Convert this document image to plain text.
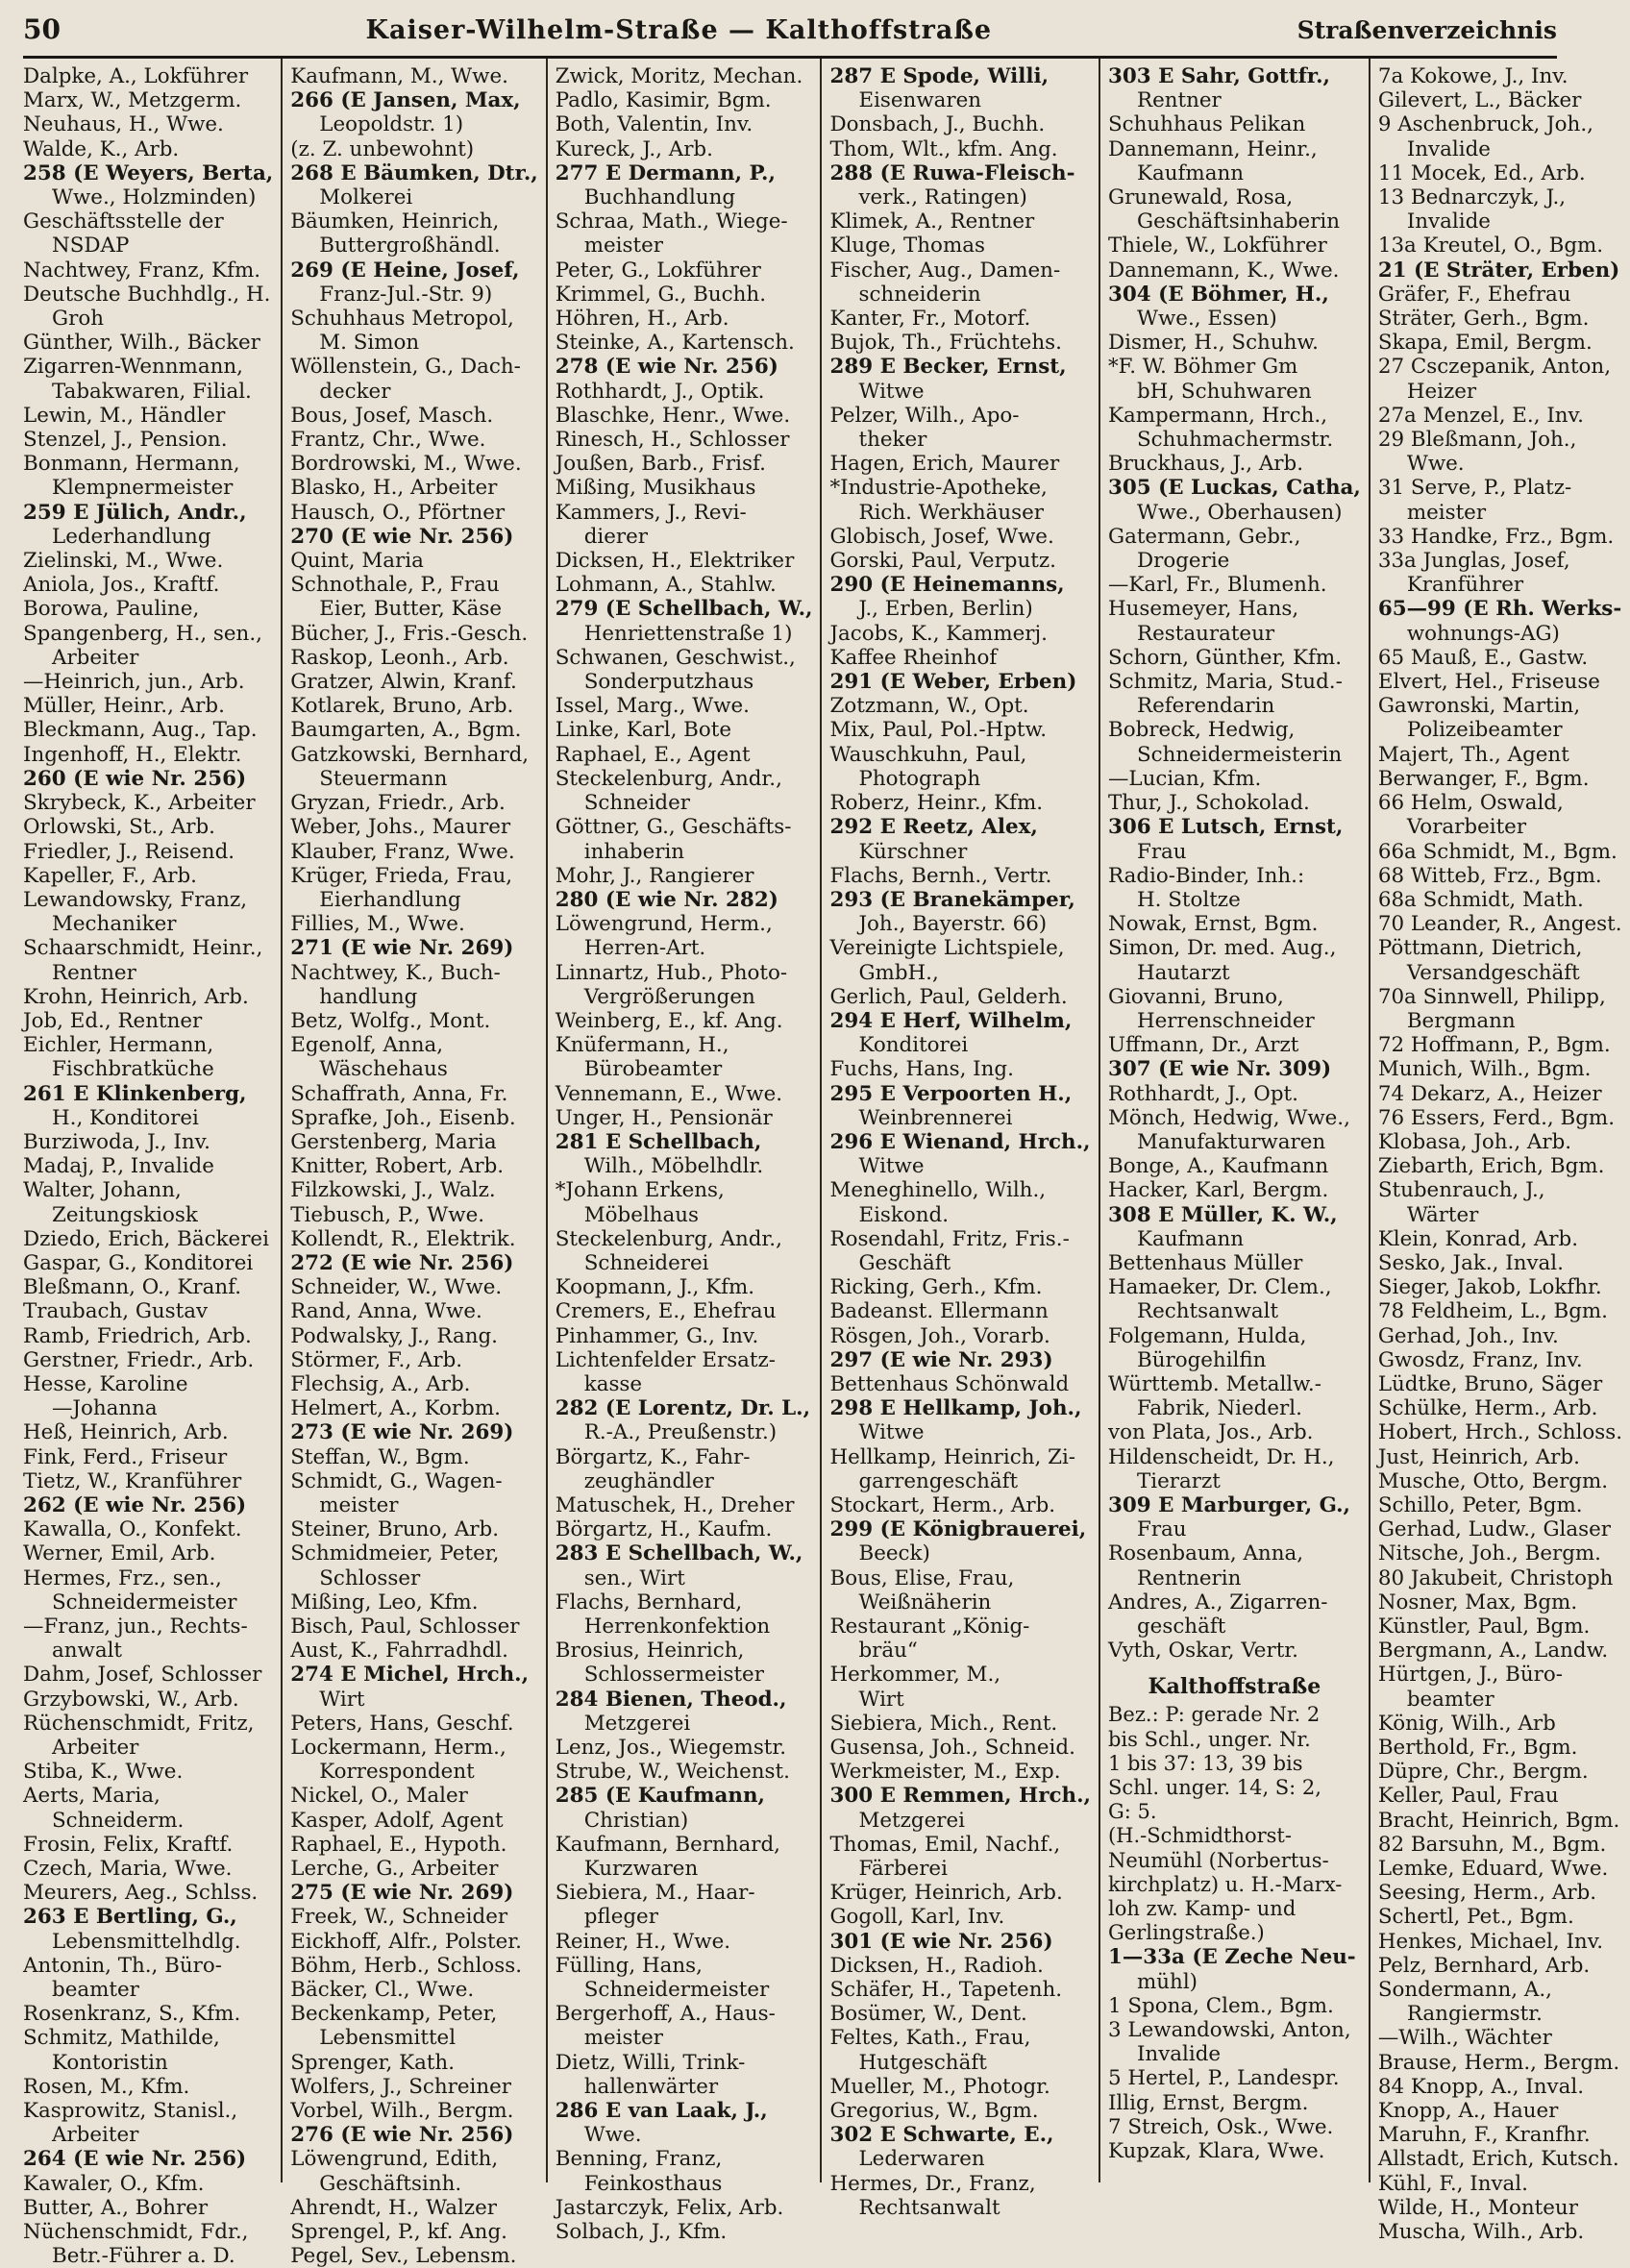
50	Kaiser-Wilhelm-Straße — Kalthoffstraße	Straßenverzeichnis
Dalpke, A., Lokführer
Marx, W., Metzgerm.
Neuhaus, H., Wwe.
Walde, K., Arb.
258 (E Weyers, Berta,
Wwe., Holzminden)
Geschäftsstelle der
NSDAP
Nachtwey, Franz, Kfm.
Deutsche Buchhdlg., H.
Groh
Günther, Wilh., Bäcker
Zigarren-Wennmann,
Tabakwaren, Filial.
Lewin, M., Händler
Stenzel, J., Pension.
Bonmann, Hermann,
Klempnermeister
259 E Jülich, Andr.,
Lederhandlung
Zielinski, M., Wwe.
Aniola, Jos., Kraftf.
Borowa, Pauline,
Spangenberg, H., sen.,
Arbeiter
—Heinrich, jun., Arb.
Müller, Heinr., Arb.
Bleckmann, Aug., Tap.
Ingenhoff, H., Elektr.
260 (E wie Nr. 256)
Skrybeck, K., Arbeiter
Orlowski, St., Arb.
Friedler, J., Reisend.
Kapeller, F., Arb.
Lewandowsky, Franz,
Mechaniker
Schaarschmidt, Heinr.,
Rentner
Krohn, Heinrich, Arb.
Job, Ed., Rentner
Eichler, Hermann,
Fischbratküche
261 E Klinkenberg,
H., Konditorei
Burziwoda, J., Inv.
Madaj, P., Invalide
Walter, Johann,
Zeitungskiosk
Dziedo, Erich, Bäckerei
Gaspar, G., Konditorei
Bleßmann, O., Kranf.
Traubach, Gustav
Ramb, Friedrich, Arb.
Gerstner, Friedr., Arb.
Hesse, Karoline
—Johanna
Heß, Heinrich, Arb.
Fink, Ferd., Friseur
Tietz, W., Kranführer
262 (E wie Nr. 256)
Kawalla, O., Konfekt.
Werner, Emil, Arb.
Hermes, Frz., sen.,
Schneidermeister
—Franz, jun., Rechts-
anwalt
Dahm, Josef, Schlosser
Grzybowski, W., Arb.
Rüchenschmidt, Fritz,
Arbeiter
Stiba, K., Wwe.
Aerts, Maria,
Schneiderm.
Frosin, Felix, Kraftf.
Czech, Maria, Wwe.
Meurers, Aeg., Schlss.
263 E Bertling, G.,
Lebensmittelhdlg.
Antonin, Th., Büro-
beamter
Rosenkranz, S., Kfm.
Schmitz, Mathilde,
Kontoristin
Rosen, M., Kfm.
Kasprowitz, Stanisl.,
Arbeiter
264 (E wie Nr. 256)
Kawaler, O., Kfm.
Butter, A., Bohrer
Nüchenschmidt, Fdr.,
Betr.-Führer a. D.
Kaufmann, M., Wwe.
266 (E Jansen, Max,
Leopoldstr. 1)
(z. Z. unbewohnt)
268 E Bäumken, Dtr.,
Molkerei
Bäumken, Heinrich,
Buttergroßhändl.
269 (E Heine, Josef,
Franz-Jul.-Str. 9)
Schuhhaus Metropol,
M. Simon
Wöllenstein, G., Dach-
decker
Bous, Josef, Masch.
Frantz, Chr., Wwe.
Bordrowski, M., Wwe.
Blasko, H., Arbeiter
Hausch, O., Pförtner
270 (E wie Nr. 256)
Quint, Maria
Schnothale, P., Frau
Eier, Butter, Käse
Bücher, J., Fris.-Gesch.
Raskop, Leonh., Arb.
Gratzer, Alwin, Kranf.
Kotlarek, Bruno, Arb.
Baumgarten, A., Bgm.
Gatzkowski, Bernhard,
Steuermann
Gryzan, Friedr., Arb.
Weber, Johs., Maurer
Klauber, Franz, Wwe.
Krüger, Frieda, Frau,
Eierhandlung
Fillies, M., Wwe.
271 (E wie Nr. 269)
Nachtwey, K., Buch-
handlung
Betz, Wolfg., Mont.
Egenolf, Anna,
Wäschehaus
Schaffrath, Anna, Fr.
Sprafke, Joh., Eisenb.
Gerstenberg, Maria
Knitter, Robert, Arb.
Filzkowski, J., Walz.
Tiebusch, P., Wwe.
Kollendt, R., Elektrik.
272 (E wie Nr. 256)
Schneider, W., Wwe.
Rand, Anna, Wwe.
Podwalsky, J., Rang.
Störmer, F., Arb.
Flechsig, A., Arb.
Helmert, A., Korbm.
273 (E wie Nr. 269)
Steffan, W., Bgm.
Schmidt, G., Wagen-
meister
Steiner, Bruno, Arb.
Schmidmeier, Peter,
Schlosser
Mißing, Leo, Kfm.
Bisch, Paul, Schlosser
Aust, K., Fahrradhdl.
274 E Michel, Hrch.,
Wirt
Peters, Hans, Geschf.
Lockermann, Herm.,
Korrespondent
Nickel, O., Maler
Kasper, Adolf, Agent
Raphael, E., Hypoth.
Lerche, G., Arbeiter
275 (E wie Nr. 269)
Freek, W., Schneider
Eickhoff, Alfr., Polster.
Böhm, Herb., Schloss.
Bäcker, Cl., Wwe.
Beckenkamp, Peter,
Lebensmittel
Sprenger, Kath.
Wolfers, J., Schreiner
Vorbel, Wilh., Bergm.
276 (E wie Nr. 256)
Löwengrund, Edith,
Geschäftsinh.
Ahrendt, H., Walzer
Sprengel, P., kf. Ang.
Pegel, Sev., Lebensm.
Zwick, Moritz, Mechan.
Padlo, Kasimir, Bgm.
Both, Valentin, Inv.
Kureck, J., Arb.
277 E Dermann, P.,
Buchhandlung
Schraa, Math., Wiege-
meister
Peter, G., Lokführer
Krimmel, G., Buchh.
Höhren, H., Arb.
Steinke, A., Kartensch.
278 (E wie Nr. 256)
Rothhardt, J., Optik.
Blaschke, Henr., Wwe.
Rinesch, H., Schlosser
Joußen, Barb., Frisf.
Mißing, Musikhaus
Kammers, J., Revi-
dierer
Dicksen, H., Elektriker
Lohmann, A., Stahlw.
279 (E Schellbach, W.,
Henriettenstraße 1)
Schwanen, Geschwist.,
Sonderputzhaus
Issel, Marg., Wwe.
Linke, Karl, Bote
Raphael, E., Agent
Steckelenburg, Andr.,
Schneider
Göttner, G., Geschäfts-
inhaberin
Mohr, J., Rangierer
280 (E wie Nr. 282)
Löwengrund, Herm.,
Herren-Art.
Linnartz, Hub., Photo-
Vergrößerungen
Weinberg, E., kf. Ang.
Knüfermann, H.,
Bürobeamter
Vennemann, E., Wwe.
Unger, H., Pensionär
281 E Schellbach,
Wilh., Möbelhdlr.
*Johann Erkens,
Möbelhaus
Steckelenburg, Andr.,
Schneiderei
Koopmann, J., Kfm.
Cremers, E., Ehefrau
Pinhammer, G., Inv.
Lichtenfelder Ersatz-
kasse
282 (E Lorentz, Dr. L.,
R.-A., Preußenstr.)
Börgartz, K., Fahr-
zeughändler
Matuschek, H., Dreher
Börgartz, H., Kaufm.
283 E Schellbach, W.,
sen., Wirt
Flachs, Bernhard,
Herrenkonfektion
Brosius, Heinrich,
Schlossermeister
284 Bienen, Theod.,
Metzgerei
Lenz, Jos., Wiegemstr.
Strube, W., Weichenst.
285 (E Kaufmann,
Christian)
Kaufmann, Bernhard,
Kurzwaren
Siebiera, M., Haar-
pfleger
Reiner, H., Wwe.
Fülling, Hans,
Schneidermeister
Bergerhoff, A., Haus-
meister
Dietz, Willi, Trink-
hallenwärter
286 E van Laak, J.,
Wwe.
Benning, Franz,
Feinkosthaus
Jastarczyk, Felix, Arb.
Solbach, J., Kfm.
287 E Spode, Willi,
Eisenwaren
Donsbach, J., Buchh.
Thom, Wlt., kfm. Ang.
288 (E Ruwa-Fleisch-
verk., Ratingen)
Klimek, A., Rentner
Kluge, Thomas
Fischer, Aug., Damen-
schneiderin
Kanter, Fr., Motorf.
Bujok, Th., Früchtehs.
289 E Becker, Ernst,
Witwe
Pelzer, Wilh., Apo-
theker
Hagen, Erich, Maurer
*Industrie-Apotheke,
Rich. Werkhäuser
Globisch, Josef, Wwe.
Gorski, Paul, Verputz.
290 (E Heinemanns,
J., Erben, Berlin)
Jacobs, K., Kammerj.
Kaffee Rheinhof
291 (E Weber, Erben)
Zotzmann, W., Opt.
Mix, Paul, Pol.-Hptw.
Wauschkuhn, Paul,
Photograph
Roberz, Heinr., Kfm.
292 E Reetz, Alex,
Kürschner
Flachs, Bernh., Vertr.
293 (E Branekämper,
Joh., Bayerstr. 66)
Vereinigte Lichtspiele,
GmbH.,
Gerlich, Paul, Gelderh.
294 E Herf, Wilhelm,
Konditorei
Fuchs, Hans, Ing.
295 E Verpoorten H.,
Weinbrennerei
296 E Wienand, Hrch.,
Witwe
Meneghinello, Wilh.,
Eiskond.
Rosendahl, Fritz, Fris.-
Geschäft
Ricking, Gerh., Kfm.
Badeanst. Ellermann
Rösgen, Joh., Vorarb.
297 (E wie Nr. 293)
Bettenhaus Schönwald
298 E Hellkamp, Joh.,
Witwe
Hellkamp, Heinrich, Zi-
garrengeschäft
Stockart, Herm., Arb.
299 (E Königbrauerei,
Beeck)
Bous, Elise, Frau,
Weißnäherin
Restaurant „König-
bräu“
Herkommer, M.,
Wirt
Siebiera, Mich., Rent.
Gusensa, Joh., Schneid.
Werkmeister, M., Exp.
300 E Remmen, Hrch.,
Metzgerei
Thomas, Emil, Nachf.,
Färberei
Krüger, Heinrich, Arb.
Gogoll, Karl, Inv.
301 (E wie Nr. 256)
Dicksen, H., Radioh.
Schäfer, H., Tapetenh.
Bosümer, W., Dent.
Feltes, Kath., Frau,
Hutgeschäft
Mueller, M., Photogr.
Gregorius, W., Bgm.
302 E Schwarte, E.,
Lederwaren
Hermes, Dr., Franz,
Rechtsanwalt
303 E Sahr, Gottfr.,
Rentner
Schuhhaus Pelikan
Dannemann, Heinr.,
Kaufmann
Grunewald, Rosa,
Geschäftsinhaberin
Thiele, W., Lokführer
Dannemann, K., Wwe.
304 (E Böhmer, H.,
Wwe., Essen)
Dismer, H., Schuhw.
*F. W. Böhmer Gm
bH, Schuhwaren
Kampermann, Hrch.,
Schuhmachermstr.
Bruckhaus, J., Arb.
305 (E Luckas, Catha,
Wwe., Oberhausen)
Gatermann, Gebr.,
Drogerie
—Karl, Fr., Blumenh.
Husemeyer, Hans,
Restaurateur
Schorn, Günther, Kfm.
Schmitz, Maria, Stud.-
Referendarin
Bobreck, Hedwig,
Schneidermeisterin
—Lucian, Kfm.
Thur, J., Schokolad.
306 E Lutsch, Ernst,
Frau
Radio-Binder, Inh.:
H. Stoltze
Nowak, Ernst, Bgm.
Simon, Dr. med. Aug.,
Hautarzt
Giovanni, Bruno,
Herrenschneider
Uffmann, Dr., Arzt
307 (E wie Nr. 309)
Rothhardt, J., Opt.
Mönch, Hedwig, Wwe.,
Manufakturwaren
Bonge, A., Kaufmann
Hacker, Karl, Bergm.
308 E Müller, K. W.,
Kaufmann
Bettenhaus Müller
Hamaeker, Dr. Clem.,
Rechtsanwalt
Folgemann, Hulda,
Bürogehilfin
Württemb. Metallw.-
Fabrik, Niederl.
von Plata, Jos., Arb.
Hildenscheidt, Dr. H.,
Tierarzt
309 E Marburger, G.,
Frau
Rosenbaum, Anna,
Rentnerin
Andres, A., Zigarren-
geschäft
Vyth, Oskar, Vertr.
Kalthoffstraße
Bez.: P: gerade Nr. 2
bis Schl., unger. Nr.
1 bis 37: 13, 39 bis
Schl. unger. 14, S: 2,
G: 5.
(H.-Schmidthorst-
Neumühl (Norbertus-
kirchplatz) u. H.-Marx-
loh zw. Kamp- und
Gerlingstraße.)
1—33a (E Zeche Neu-
mühl)
1 Spona, Clem., Bgm.
3 Lewandowski, Anton,
Invalide
5 Hertel, P., Landespr.
Illig, Ernst, Bergm.
7 Streich, Osk., Wwe.
Kupzak, Klara, Wwe.
7a Kokowe, J., Inv.
Gilevert, L., Bäcker
9 Aschenbruck, Joh.,
Invalide
11 Mocek, Ed., Arb.
13 Bednarczyk, J.,
Invalide
13a Kreutel, O., Bgm.
21 (E Sträter, Erben)
Gräfer, F., Ehefrau
Sträter, Gerh., Bgm.
Skapa, Emil, Bergm.
27 Csczepanik, Anton,
Heizer
27a Menzel, E., Inv.
29 Bleßmann, Joh.,
Wwe.
31 Serve, P., Platz-
meister
33 Handke, Frz., Bgm.
33a Junglas, Josef,
Kranführer
65—99 (E Rh. Werks-
wohnungs-AG)
65 Mauß, E., Gastw.
Elvert, Hel., Friseuse
Gawronski, Martin,
Polizeibeamter
Majert, Th., Agent
Berwanger, F., Bgm.
66 Helm, Oswald,
Vorarbeiter
66a Schmidt, M., Bgm.
68 Witteb, Frz., Bgm.
68a Schmidt, Math.
70 Leander, R., Angest.
Pöttmann, Dietrich,
Versandgeschäft
70a Sinnwell, Philipp,
Bergmann
72 Hoffmann, P., Bgm.
Munich, Wilh., Bgm.
74 Dekarz, A., Heizer
76 Essers, Ferd., Bgm.
Klobasa, Joh., Arb.
Ziebarth, Erich, Bgm.
Stubenrauch, J.,
Wärter
Klein, Konrad, Arb.
Sesko, Jak., Inval.
Sieger, Jakob, Lokfhr.
78 Feldheim, L., Bgm.
Gerhad, Joh., Inv.
Gwosdz, Franz, Inv.
Lüdtke, Bruno, Säger
Schülke, Herm., Arb.
Hobert, Hrch., Schloss.
Just, Heinrich, Arb.
Musche, Otto, Bergm.
Schillo, Peter, Bgm.
Gerhad, Ludw., Glaser
Nitsche, Joh., Bergm.
80 Jakubeit, Christoph
Nosner, Max, Bgm.
Künstler, Paul, Bgm.
Bergmann, A., Landw.
Hürtgen, J., Büro-
beamter
König, Wilh., Arb
Berthold, Fr., Bgm.
Düpre, Chr., Bergm.
Keller, Paul, Frau
Bracht, Heinrich, Bgm.
82 Barsuhn, M., Bgm.
Lemke, Eduard, Wwe.
Seesing, Herm., Arb.
Schertl, Pet., Bgm.
Henkes, Michael, Inv.
Pelz, Bernhard, Arb.
Sondermann, A.,
Rangiermstr.
—Wilh., Wächter
Brause, Herm., Bergm.
84 Knopp, A., Inval.
Knopp, A., Hauer
Maruhn, F., Kranfhr.
Allstadt, Erich, Kutsch.
Kühl, F., Inval.
Wilde, H., Monteur
Muscha, Wilh., Arb.
